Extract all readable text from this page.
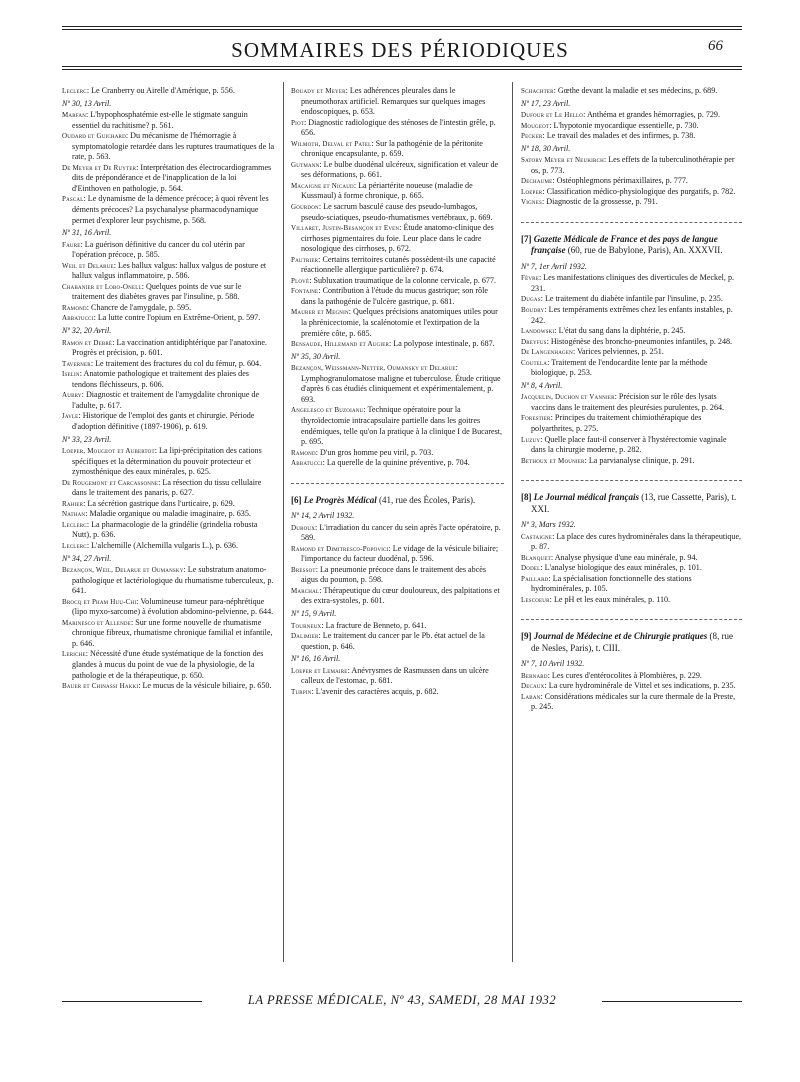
SOMMAIRES DES PÉRIODIQUES	66
Leclerc: Le Cranberry ou Airelle d'Amérique, p. 556.
Nº 30, 13 Avril.
Marfan: L'hypophosphatémie est-elle le stigmate sanguin essentiel du rachitisme? p. 561.
Oudard et Guichard: Du mécanisme de l'hémorragie à symptomatologie retardée dans les ruptures traumatiques de la rate, p. 563.
De Meyer et De Ruyter: Interprétation des électrocardiogrammes dits de prépondérance et de l'inapplication de la loi d'Einthoven en pathologie, p. 564.
Pascal: Le dynamisme de la démence précoce; à quoi rêvent les déments précoces? La psychanalyse pharmacodynamique permet d'explorer leur psychisme, p. 568.
Nº 31, 16 Avril.
Faure: La guérison définitive du cancer du col utérin par l'opération précoce, p. 585.
Weil et Delarue: Les hallux valgus: hallux valgus de posture et hallux valgus inflammatoire, p. 586.
Chabanier et Lobo-Onell: Quelques points de vue sur le traitement des diabètes graves par l'insuline, p. 588.
Ramond: Chancre de l'amygdale, p. 595.
Abbatucci: La lutte contre l'opium en Extrême-Orient, p. 597.
Nº 32, 20 Avril.
Ramon et Debré: La vaccination antidiphtérique par l'anatoxine. Progrès et précision, p. 601.
Taverner: Le traitement des fractures du col du fémur, p. 604.
Iselin: Anatomie pathologique et traitement des plaies des tendons fléchisseurs, p. 606.
Aubry: Diagnostic et traitement de l'amygdalite chronique de l'adulte, p. 617.
Javle: Historique de l'emploi des gants et chirurgie. Période d'adoption définitive (1897-1906), p. 619.
Nº 33, 23 Avril.
Loeper, Mougeot et Aubertot: La lipi-précipitation des cations spécifiques et la détermination du pouvoir protecteur et zymosthénique des eaux minérales, p. 625.
De Rougemont et Carcassonne: La résection du tissu cellulaire dans le traitement des panaris, p. 627.
Rahier: La sécrétion gastrique dans l'urticaire, p. 629.
Nathan: Maladie organique ou maladie imaginaire, p. 635.
Leclerc: La pharmacologie de la grindélie (grindelia robusta Nutt), p. 636.
Leclerc: L'alchemille (Alchemilla vulgaris L.), p. 636.
Nº 34, 27 Avril.
Bezançon, Weil, Delarue et Oumansky: Le substratum anatomo-pathologique et lactériologique du rhumatisme tuberculeux, p. 641.
Brocq et Pham Huu-Chi: Volumineuse tumeur para-néphrétique (lipo myxo-sarcome) à évolution abdomino-pelvienne, p. 644.
Marinesco et Allende: Sur une forme nouvelle de rhumatisme chronique fibreux, rhumatisme chronique familial et infantile, p. 646.
Leriche: Nécessité d'une étude systématique de la fonction des glandes à mucus du point de vue de la physiologie, de la pathologie et de la thérapeutique, p. 650.
Bauer et Chinassi Hakki: Le mucus de la vésicule biliaire, p. 650.
Bouady et Meyer: Les adhérences pleurales dans le pneumothorax artificiel. Remarques sur quelques images endoscopiques, p. 653.
Piot: Diagnostic radiologique des sténoses de l'intestin grêle, p. 656.
Wilmoth, Delval et Patel: Sur la pathogénie de la péritonite chronique encapsulante, p. 659.
Gutmann: Le bulbe duodénal ulcéreux, signification et valeur de ses déformations, p. 661.
Macaigne et Nicaud: La périartérite noueuse (maladie de Kussmaul) à forme chronique, p. 665.
Gourdon: Le sacrum basculé cause des pseudo-lumbagos, pseudo-sciatiques, pseudo-rhumatismes vertébraux, p. 669.
Villaret, Justin-Besançon et Even: Étude anatomo-clinique des cirrhoses pigmentaires du foie. Leur place dans le cadre nosologique des cirrhoses, p. 672.
Pautrier: Certains territoires cutanés possèdent-ils une capacité réactionnelle allergique particulière? p. 674.
Plové: Subluxation traumatique de la colonne cervicale, p. 677.
Fontaine: Contribution à l'étude du mucus gastrique; son rôle dans la pathogénie de l'ulcère gastrique, p. 681.
Maurer et Megnin: Quelques précisions anatomiques utiles pour la phrénicectomie, la scalénotomie et l'extirpation de la première côte, p. 685.
Bensaude, Hillemand et Augier: La polypose intestinale, p. 687.
Nº 35, 30 Avril.
Bezançon, Weissmann-Netter, Oumansky et Delarue: Lymphogranulomatose maligne et tuberculose. Étude critique d'après 6 cas étudiés cliniquement et expérimentalement, p. 693.
Angelesco et Buzoianu: Technique opératoire pour la thyroïdectomie intracapsulaire partielle dans les goitres endémiques, telle qu'on la pratique à la clinique I de Bucarest, p. 695.
Ramond: D'un gros homme peu viril, p. 703.
Abbatucci: La querelle de la quinine préventive, p. 704.
[6] Le Progrès Médical (41, rue des Écoles, Paris).
Nº 14, 2 Avril 1932.
Duroux: L'irradiation du cancer du sein après l'acte opératoire, p. 589.
Ramond et Dimitresco-Popovici: Le vidage de la vésicule biliaire; l'importance du facteur duodénal, p. 596.
Bressot: La pneumonie précoce dans le traitement des abcès aigus du poumon, p. 598.
Marchal: Thérapeutique du cœur douloureux, des palpitations et des extra-systoles, p. 601.
Nº 15, 9 Avril.
Tourneux: La fracture de Benneto, p. 641.
Dalimier: Le traitement du cancer par le Pb. état actuel de la question, p. 646.
Nº 16, 16 Avril.
Loeper et Lemaire: Anévrysmes de Rasmussen dans un ulcère calleux de l'estomac, p. 681.
Turpin: L'avenir des caractères acquis, p. 682.
Schachter: Gœthe devant la maladie et ses médecins, p. 689.
Nº 17, 23 Avril.
Dufour et Le Hello: Anthéma et grandes hémorragies, p. 729.
Mougeot: L'hypotonie myocardique essentielle, p. 730.
Pecker: Le travail des malades et des infirmes, p. 738.
Nº 18, 30 Avril.
Satory Meyer et Neukirch: Les effets de la tuberculinothérapie per os, p. 773.
Dechaume: Ostéophlegmons périmaxillaires, p. 777.
Loeper: Classification médico-physiologique des purgatifs, p. 782.
Vignes: Diagnostic de la grossesse, p. 791.
[7] Gazette Médicale de France et des pays de langue française (60, rue de Babylone, Paris), An. XXXVII.
Nº 7, 1er Avril 1932.
Fèvre: Les manifestations cliniques des diverticules de Meckel, p. 231.
Dugas: Le traitement du diabète infantile par l'insuline, p. 235.
Boudry: Les tempéraments extrêmes chez les enfants instables, p. 242.
Landowski: L'état du sang dans la diphtérie, p. 245.
Dreyfus: Histogénèse des broncho-pneumonies infantiles, p. 248.
De Langenhagen: Varices pelviennes, p. 251.
Coutela: Traitement de l'endocardite lente par la méthode biologique, p. 253.
Nº 8, 4 Avril.
Jacquelin, Duchon et Vannier: Précision sur le rôle des lysats vaccins dans le traitement des pleurésies purulentes, p. 264.
Forestier: Principes du traitement chimiothérapique des polyarthrites, p. 275.
Luzuy: Quelle place faut-il conserver à l'hystérectomie vaginale dans la chirurgie moderne, p. 282.
Bethoux et Mounier: La parvianalyse clinique, p. 291.
[8] Le Journal médical français (13, rue Cassette, Paris), t. XXI.
Nº 3, Mars 1932.
Castaigne: La place des cures hydrominérales dans la thérapeutique, p. 87.
Blanquet: Analyse physique d'une eau minérale, p. 94.
Dodel: L'analyse biologique des eaux minérales, p. 101.
Paillard: La spécialisation fonctionnelle des stations hydrominérales, p. 105.
Lescoeur: Le pH et les eaux minérales, p. 110.
[9] Journal de Médecine et de Chirurgie pratiques (8, rue de Nesles, Paris), t. CIII.
Nº 7, 10 Avril 1932.
Bernard: Les cures d'entérocolites à Plombières, p. 229.
Decaux: La cure hydrominérale de Vittel et ses indications, p. 235.
Laban: Considérations médicales sur la cure thermale de la Preste, p. 245.
LA PRESSE MÉDICALE, Nº 43, SAMEDI, 28 MAI 1932
